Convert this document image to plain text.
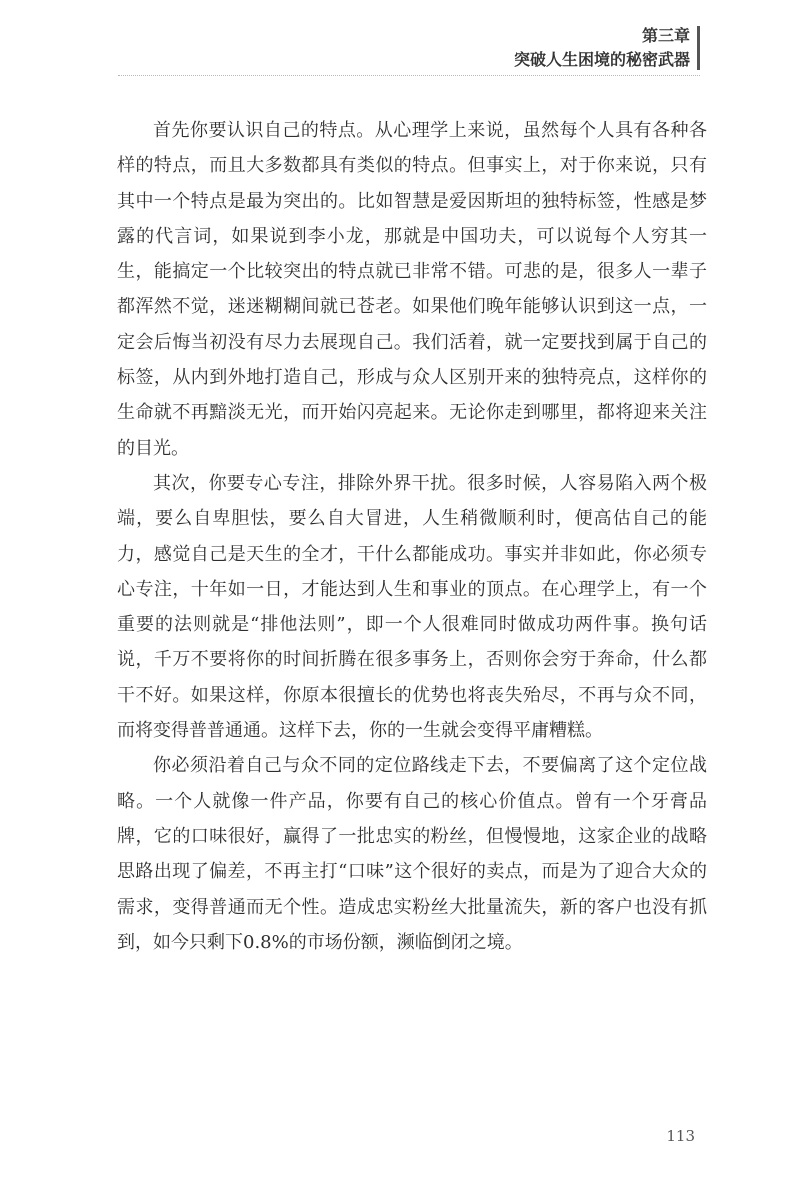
第三章
突破人生困境的秘密武器

首先你要认识自己的特点。从心理学上来说，虽然每个人具有各种各样的特点，而且大多数都具有类似的特点。但事实上，对于你来说，只有其中一个特点是最为突出的。比如智慧是爱因斯坦的独特标签，性感是梦露的代言词，如果说到李小龙，那就是中国功夫，可以说每个人穷其一生，能搞定一个比较突出的特点就已非常不错。可悲的是，很多人一辈子都浑然不觉，迷迷糊糊间就已苍老。如果他们晚年能够认识到这一点，一定会后悔当初没有尽力去展现自己。我们活着，就一定要找到属于自己的标签，从内到外地打造自己，形成与众人区别开来的独特亮点，这样你的生命就不再黯淡无光，而开始闪亮起来。无论你走到哪里，都将迎来关注的目光。

其次，你要专心专注，排除外界干扰。很多时候，人容易陷入两个极端，要么自卑胆怯，要么自大冒进，人生稍微顺利时，便高估自己的能力，感觉自己是天生的全才，干什么都能成功。事实并非如此，你必须专心专注，十年如一日，才能达到人生和事业的顶点。在心理学上，有一个重要的法则就是“排他法则”，即一个人很难同时做成功两件事。换句话说，千万不要将你的时间折腾在很多事务上，否则你会穷于奔命，什么都干不好。如果这样，你原本很擅长的优势也将丧失殆尽，不再与众不同，而将变得普普通通。这样下去，你的一生就会变得平庸糟糕。

你必须沿着自己与众不同的定位路线走下去，不要偏离了这个定位战略。一个人就像一件产品，你要有自己的核心价值点。曾有一个牙膏品牌，它的口味很好，赢得了一批忠实的粉丝，但慢慢地，这家企业的战略思路出现了偏差，不再主打“口味”这个很好的卖点，而是为了迎合大众的需求，变得普通而无个性。造成忠实粉丝大批量流失，新的客户也没有抓到，如今只剩下0.8%的市场份额，濒临倒闭之境。

113
